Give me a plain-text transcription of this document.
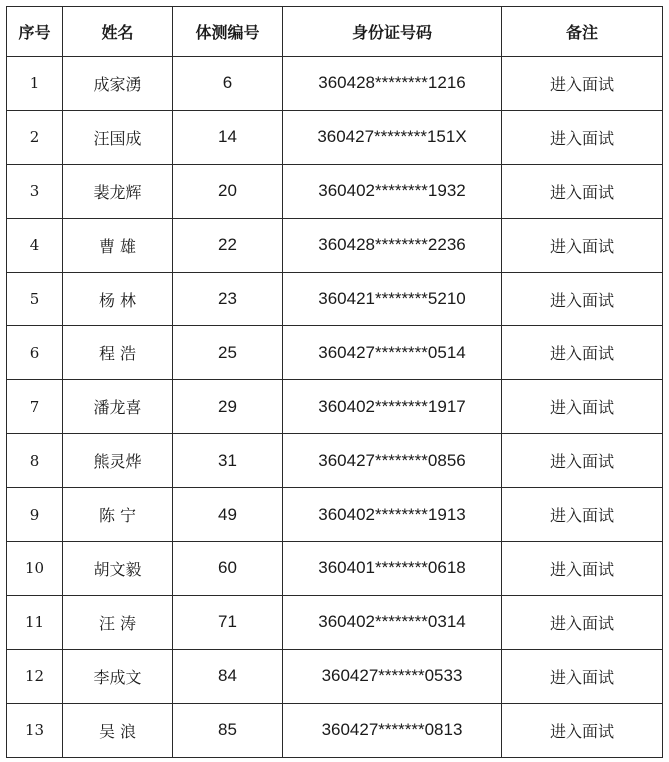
序号	姓名	体测编号	身份证号码	备注
1	成家湧	6	360428********1216	进入面试
2	汪国成	14	360427********151X	进入面试
3	裴龙辉	20	360402********1932	进入面试
4	曹 雄	22	360428********2236	进入面试
5	杨 林	23	360421********5210	进入面试
6	程 浩	25	360427********0514	进入面试
7	潘龙喜	29	360402********1917	进入面试
8	熊灵烨	31	360427********0856	进入面试
9	陈 宁	49	360402********1913	进入面试
10	胡文毅	60	360401********0618	进入面试
11	汪 涛	71	360402********0314	进入面试
12	李成文	84	360427*******0533	进入面试
13	吴 浪	85	360427*******0813	进入面试
